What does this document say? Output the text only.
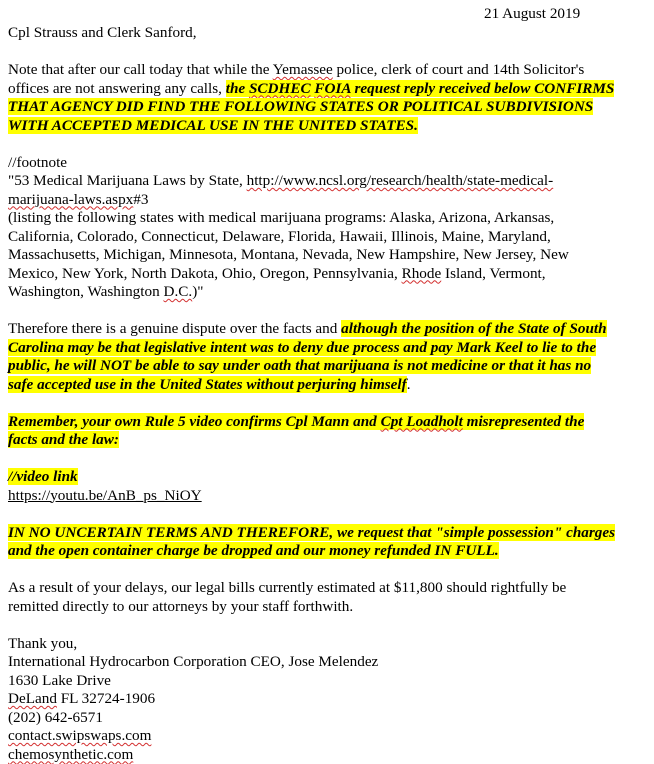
21 August 2019
Cpl Strauss and Clerk Sanford,
Note that after our call today that while the Yemassee police, clerk of court and 14th Solicitor's
offices are not answering any calls, the SCDHEC FOIA request reply received below CONFIRMS
THAT AGENCY DID FIND THE FOLLOWING STATES OR POLITICAL SUBDIVISIONS
WITH ACCEPTED MEDICAL USE IN THE UNITED STATES.
//footnote
"53 Medical Marijuana Laws by State, http://www.ncsl.org/research/health/state-medical-
marijuana-laws.aspx#3
(listing the following states with medical marijuana programs: Alaska, Arizona, Arkansas,
California, Colorado, Connecticut, Delaware, Florida, Hawaii, Illinois, Maine, Maryland,
Massachusetts, Michigan, Minnesota, Montana, Nevada, New Hampshire, New Jersey, New
Mexico, New York, North Dakota, Ohio, Oregon, Pennsylvania, Rhode Island, Vermont,
Washington, Washington D.C.)"
Therefore there is a genuine dispute over the facts and although the position of the State of South
Carolina may be that legislative intent was to deny due process and pay Mark Keel to lie to the
public, he will NOT be able to say under oath that marijuana is not medicine or that it has no
safe accepted use in the United States without perjuring himself.
Remember, your own Rule 5 video confirms Cpl Mann and Cpt Loadholt misrepresented the
facts and the law:
//video link
https://youtu.be/AnB_ps_NiOY
IN NO UNCERTAIN TERMS AND THEREFORE, we request that "simple possession" charges
and the open container charge be dropped and our money refunded IN FULL.
As a result of your delays, our legal bills currently estimated at $11,800 should rightfully be
remitted directly to our attorneys by your staff forthwith.
Thank you,
International Hydrocarbon Corporation CEO, Jose Melendez
1630 Lake Drive
DeLand FL 32724-1906
(202) 642-6571
contact.swipswaps.com
chemosynthetic.com
